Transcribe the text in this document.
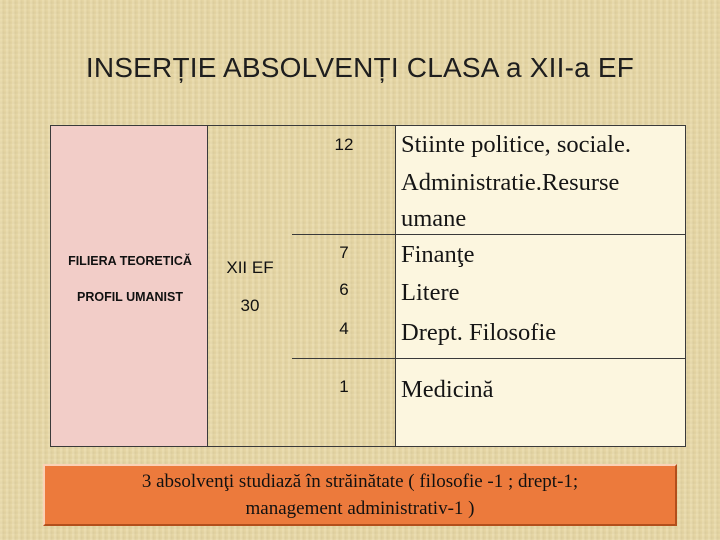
INSERȚIE ABSOLVENȚI CLASA a XII-a EF
FILIERA TEORETICĂ
PROFIL UMANIST
XII EF
30
12
7
6
4
1
Stiinte politice, sociale.
Administratie.Resurse
umane
Finanţe
Litere
Drept. Filosofie
Medicină
3 absolvenţi studiază în străinătate ( filosofie -1 ; drept-1;
management administrativ-1 )
